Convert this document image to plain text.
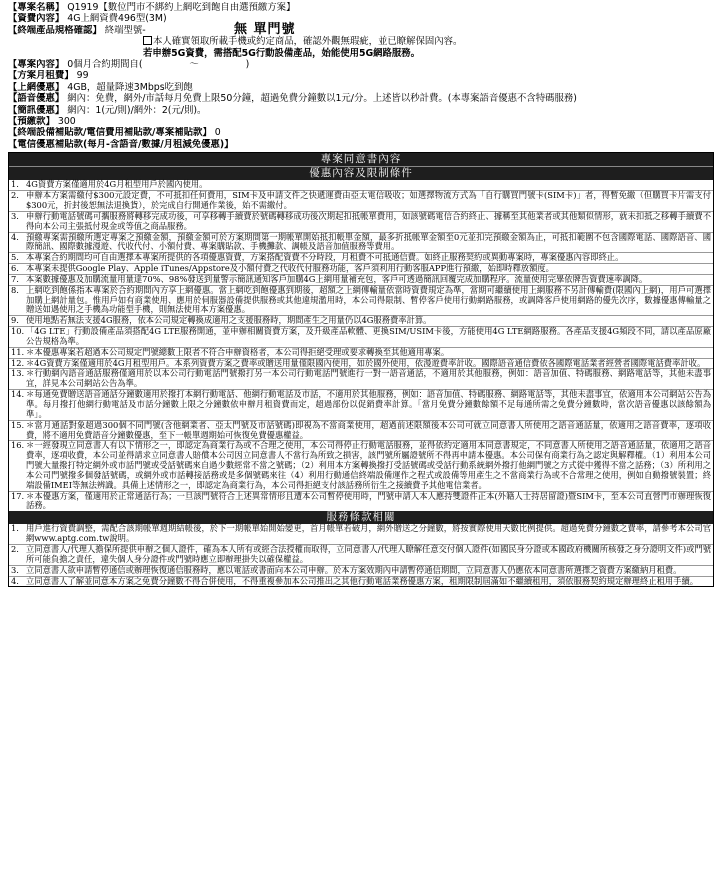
【專案名稱】 Q1919【數位門市不綁約上網吃到飽自由選預繳方案】
【資費內容】 4G上網資費496型(3M)
無 單門號
【終端產品規格確認】 終端型號-
本人確實領取所載手機或約定商品，確認外觀無瑕疵，並已瞭解保固內容。
若申辦5G資費，需搭配5G行動設備產品，始能使用5G網路服務。
【專案內容】 0個月合約期間自(　　　　　～　　　　　)
【方案月租費】 99
【上網優惠】 4GB，超量降速3Mbps吃到飽
【語音優惠】 網內：免費，網外/市話每月免費上限50分鐘，超過免費分鐘數以1元/分。上述皆以秒計費。(本專案語音優惠不含特碼服務)
【簡訊優惠】 網內：1(元/則)/網外：2(元/則)。
【預繳款】 300
【終端設備補貼款/電信費用補貼款/專案補貼款】 0
【電信優惠補貼款(每月-含語音/數據/月租減免優惠)】
專案同意書內容
優惠內容及限制條件
1. 4G資費方案僅適用於4G月租型用戶於國內使用。
2. 申辦本方案需繳付$300元設定費，不可抵扣任何費用，SIM卡及申請文件之快遞運費由亞太電信吸收；如選擇物流方式為「自行購買門號卡(SIM卡)」者，得暫免繳（但購買卡片需支付$300元，折封後恕無法退換貨），於完成自行開通作業後，始不需繳付。
3. 申辦行動電話號碼可攜服務將轉移完成功後，可享移轉手續費於號碼轉移成功後次期起扣抵帳單費用，如該號碼電信合約終止、據稱至其他業者或其他類似情形，就未扣抵之移轉手續費不得向本公司主張抵付現金或等值之商品服務。
4. 預繳專案需預繳所選定專案之預繳金額，預繳金額可於方案期間第一期帳單開始抵扣帳單金額，最多折抵帳單金額至0元並扣完預繳金額為止，可抵扣範圍不包含國際電話、國際語音、國際簡訊、國際數據漫遊、代收代付、小額付費、專案購貼款、手機攤款、調帳及語音加值服務等費用。
5. 本專案合約期間均可自由選擇本專案所提供的各項優惠資費，方案搭配資費不分時段，月租費不可抵通信費。如終止服務契約或異動專案時，專案優惠內容即終止。
6. 本專案未提供Google Play、Apple iTunes/Appstore及小額付費之代收代付服務功能，客戶須利用行動客服APP進行預繳，始即時釋放額度。
7. 本案數據優惠及加購流量用量達70%、98%發送到量警示簡訊通知客戶加購4G上網用量補充包，客戶可透過簡訊回覆完成加購程序。流量使用完畢依牌告資費速率調降。
8. 上網吃到飽係指本專案於合約期間內方享上網優惠。當上網吃到飽優惠到期後，超額之上網傳輸量依當時資費規定為準，當期可繼續使用上網服務不另計傳輸費(限國內上網)，用戶可選擇加購上網計量包。惟用戶如有商業使用、應用於伺服器設備提供服務或其他違規濫用時，本公司得限制、暫停客戶使用行動網路服務，或調降客戶使用網路的優先次序，數據優惠傳輸量之贈送如遇使用之手機為功能型手機，則無法使用本方案優惠。
9. 使用地點若無法支援4G服務，依本公司規定轉換成適用之支援服務時，期間產生之用量仍以4G服務費率計算。
10. 「4G LTE」行動設備產品須搭配4G LTE服務開通，並申辦相關資費方案，及升級產品軟體、更換SIM/USIM卡後，方能使用4G LTE網路服務。各產品支援4G頻段不同，請以產品原廠公告規格為準。
11. ＊本優惠專案若超過本公司規定門號總數上限者不符合申辦資格者，本公司得拒絕受理或要求轉換至其他適用專案。
12. ＊4G資費方案僅適用於4G月租型用戶。本系列資費方案之費率或贈送用量僅限國內使用，如於國外使用，依漫遊費率計收。國際語音通信費依各國際電話業者經營者國際電話費率計收。
13. ＊行動網內語音通話服務僅適用於以本公司行動電話門號撥打另一本公司行動電話門號進行一對一語音通話，不適用於其他服務，例如：語音加值、特碼服務、網路電話等，其他未盡事宜，詳見本公司網站公告為準。
14. ＊每通免費贈送語音通話分鐘數適用於撥打本網行動電話、他網行動電話及市話，不適用於其他服務，例如：語音加值、特碼服務、網路電話等，其他未盡事宜，依適用本公司網站公告為準。每月撥打他網行動電話及市話分鐘數上限之分鐘數依申辦月租資費而定，超過部份以促銷費率計算。「當月免費分鐘數餘額不足每通所需之免費分鐘數時，當次語音優惠以該餘額為準」。
15. ＊當月通話對象超過300個不同門號(含他網業者、亞太門號及市話號碼)即視為不當商業使用，超過前述限額後本公司可就立同意書人所使用之語音通話量，依適用之語音費率，逐項收費，將不適用免費語音分鐘數優惠，至下一帳單週期始可恢復免費優惠權益。
16. ＊一經發現立同意書人有以下情形之一，即認定為商業行為或不合理之使用，本公司得停止行動電話服務，並得依約定適用本同意書規定，不同意書人所使用之語音通話量，依適用之語音費率，逐項收費，本公司並得請求立同意書人賠償本公司因立同意書人不當行為所致之損害，該門號所屬證號所不得再申請本優惠。本公司保有商業行為之認定與解釋權。（1）利用本公司門號大量撥打特定網外或市話門號或受話號碼來自過少數經常不當之號碼；（2）利用本方案轉換撥打受話號碼或受話行動系統網外撥打他網門號之方式從中獲得不當之話務；（3）所利用之本公司門號撥多個發話號碼，或網外或市話轉接話務或是多個號碼來往（4）利用行動通信終端設備運作之程式或設備等用產生之不當商業行為或不合常理之使用，例如自動撥號裝置；終端設備IMEI等無法辨識。具備上述情形之一，即認定為商業行為，本公司得拒絕支付該話務所衍生之接續費予其他電信業者。
17. ＊本優惠方案，僅適用於正常通話行為；一旦該門號符合上述異常情形且遭本公司暫停使用時，門號申請人本人應持雙證件正本(外籍人士持居留證)暨SIM卡，至本公司直營門市辦理恢復話務。
服務條款相關
1. 用戶進行資費調整，需配合該期帳單週期結帳後，於下一期帳單始開始變更，首月帳單若破月，網外贈送之分鐘數，將按實際使用天數比例提供。超過免費分鐘數之費率，請參考本公司官網www.aptg.com.tw說明。
2. 立同意書人/代理人擔保所提供申辦之個人證件，確為本人所有或經合法授權而取得，立同意書人/代理人瞭解任意交付個人證件(如國民身分證或本國政府機關所核發之身分證明文件)或門號所可能負擔之責任，違失個人身分證件或門號時應立即辦理掛失以確保權益。
3. 立同意書人欲申請暫停通信或辦理恢復通信服務時，應以電話或書面向本公司申辦。於本方案效期內申請暫停通信期間，立同意書人仍應依本同意書所選擇之資費方案繳納月租費。
4. 立同意書人了解並同意本方案之免費分鐘數不得合併使用，不得重複參加本公司推出之其他行動電話業務優惠方案，租期限制屆滿如不繼續租用，須依服務契約規定辦理終止租用手續。
